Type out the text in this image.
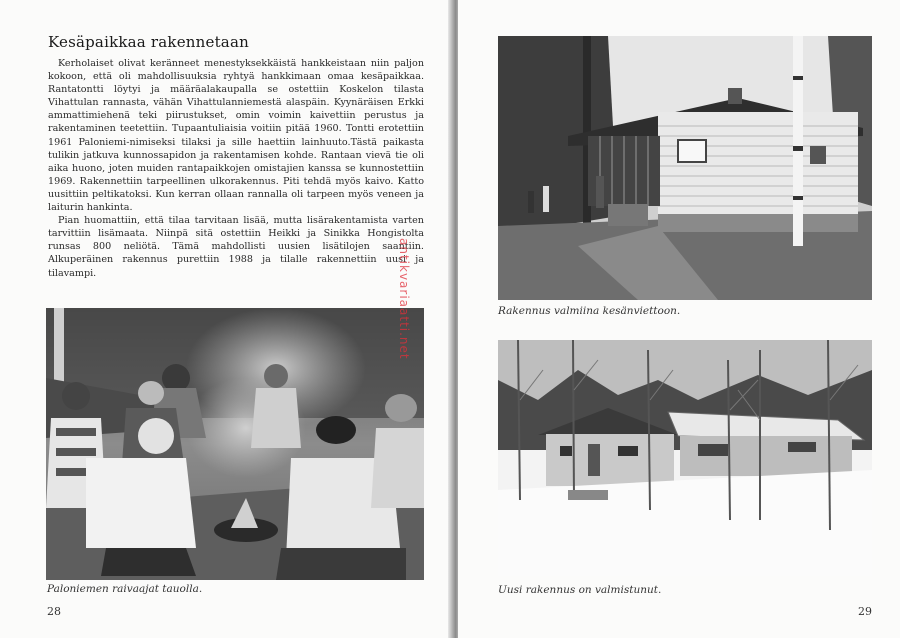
Kesäpaikkaa rakennetaan

Kerholaiset olivat keränneet menestyksekkäistä hankkeistaan niin paljon kokoon, että oli mahdollisuuksia ryhtyä hankkimaan omaa kesäpaikkaa. Rantatontti löytyi ja määräalakaupalla se ostettiin Koskelon tilasta Vihattulan rannasta, vähän Vihattulanniemestä alaspäin. Kyynäräisen Erkki ammattimiehenä teki piirustukset, omin voimin kaivettiin perustus ja rakentaminen teetettiin. Tupaantuliaisia voitiin pitää 1960. Tontti erotettiin 1961 Paloniemi-nimiseksi tilaksi ja sille haettiin lainhuuto.Tästä paikasta tulikin jatkuva kunnossapidon ja rakentamisen kohde. Rantaan vievä tie oli aika huono, joten muiden rantapaikkojen omistajien kanssa se kunnostettiin 1969. Rakennettiin tarpeellinen ulkorakennus. Piti tehdä myös kaivo. Katto uusittiin peltikatoksi. Kun kerran ollaan rannalla oli tarpeen myös veneen ja laiturin hankinta.

Pian huomattiin, että tilaa tarvitaan lisää, mutta lisärakentamista varten tarvittiin lisämaata. Niinpä sitä ostettiin Heikki ja Sinikka Hongistolta runsas 800 neliötä. Tämä mahdollisti uusien lisätilojen saantiin. Alkuperäinen rakennus purettiin 1988 ja tilalle rakennettiin uusi ja tilavampi.

Paloniemen raivaajat tauolla.
28
antikvariaatti.net	Rakennus valmiina kesänviettoon.
Uusi rakennus on valmistunut.
29
